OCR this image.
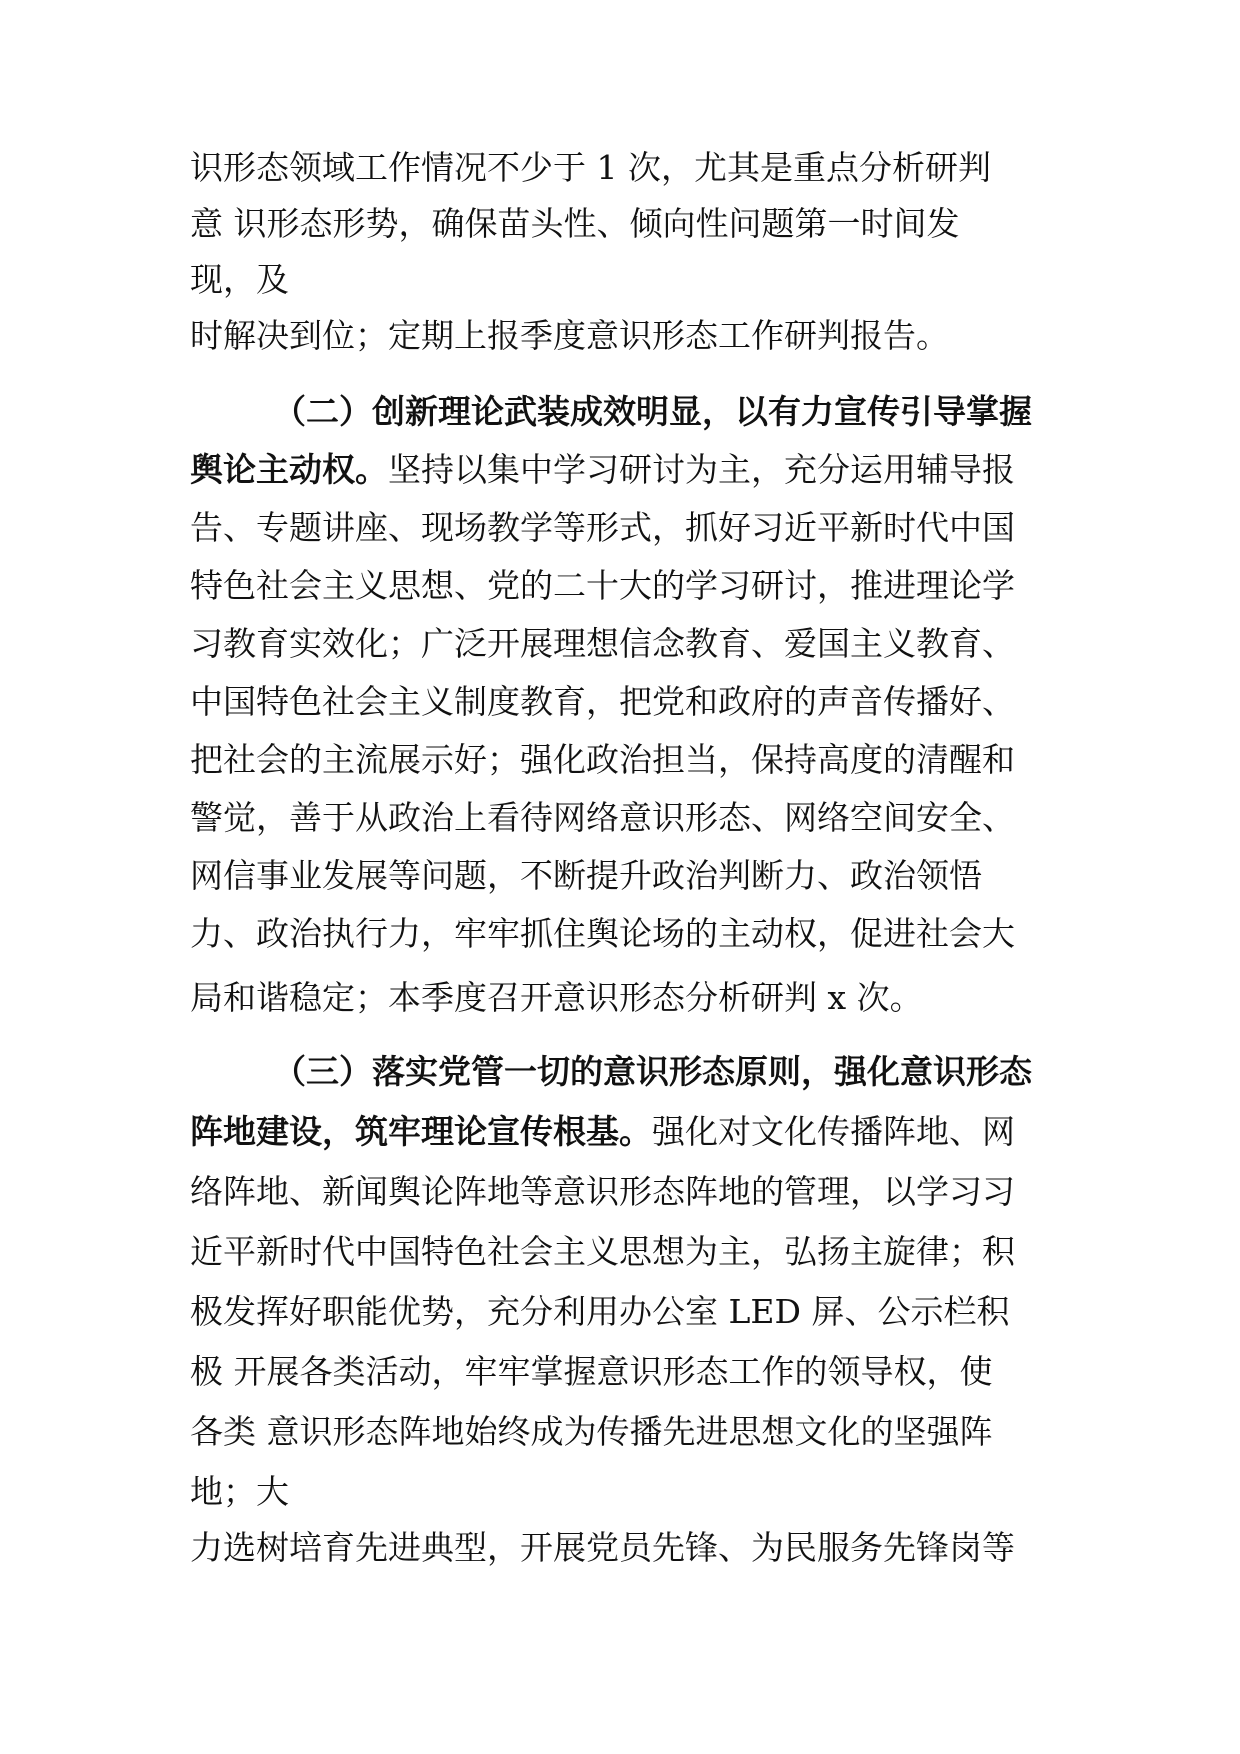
识形态领域工作情况不少于 1 次，尤其是重点分析研判
意 识形态形势，确保苗头性、倾向性问题第一时间发
现，及
时解决到位；定期上报季度意识形态工作研判报告。
（二）创新理论武装成效明显，以有力宣传引导掌握
舆论主动权。坚持以集中学习研讨为主，充分运用辅导报
告、专题讲座、现场教学等形式，抓好习近平新时代中国
特色社会主义思想、党的二十大的学习研讨，推进理论学
习教育实效化；广泛开展理想信念教育、爱国主义教育、
中国特色社会主义制度教育，把党和政府的声音传播好、
把社会的主流展示好；强化政治担当，保持高度的清醒和
警觉，善于从政治上看待网络意识形态、网络空间安全、
网信事业发展等问题，不断提升政治判断力、政治领悟
力、政治执行力，牢牢抓住舆论场的主动权，促进社会大
局和谐稳定；本季度召开意识形态分析研判 x 次。
（三）落实党管一切的意识形态原则，强化意识形态
阵地建设，筑牢理论宣传根基。强化对文化传播阵地、网
络阵地、新闻舆论阵地等意识形态阵地的管理，以学习习
近平新时代中国特色社会主义思想为主，弘扬主旋律；积
极发挥好职能优势，充分利用办公室 LED 屏、公示栏积
极 开展各类活动，牢牢掌握意识形态工作的领导权，使
各类 意识形态阵地始终成为传播先进思想文化的坚强阵
地；大
力选树培育先进典型，开展党员先锋、为民服务先锋岗等
